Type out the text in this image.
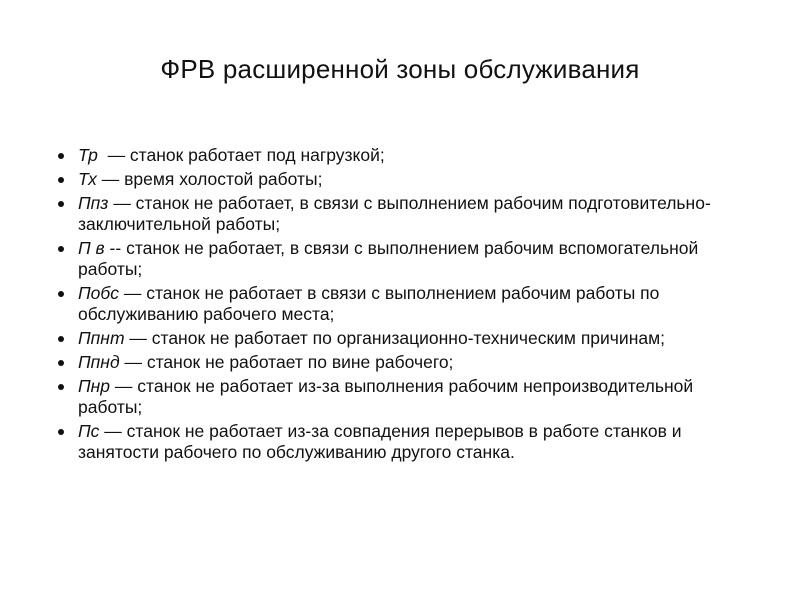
ФРВ расширенной зоны обслуживания
Тр  — станок работает под нагрузкой;
Тх — время холостой работы;
Ппз — станок не работает, в связи с выполнением рабочим подготовительно-заключительной работы;
П в -- станок не работает, в связи с выполнением рабочим вспомогательной работы;
Побс — станок не работает в связи с выполнением рабочим работы по обслуживанию рабочего места;
Ппнт — станок не работает по организационно-техническим причинам;
Ппнд — станок не работает по вине рабочего;
Пнр — станок не работает из-за выполнения рабочим непроизводительной работы;
Пс — станок не работает из-за совпадения перерывов в работе станков и занятости рабочего по обслуживанию другого станка.
